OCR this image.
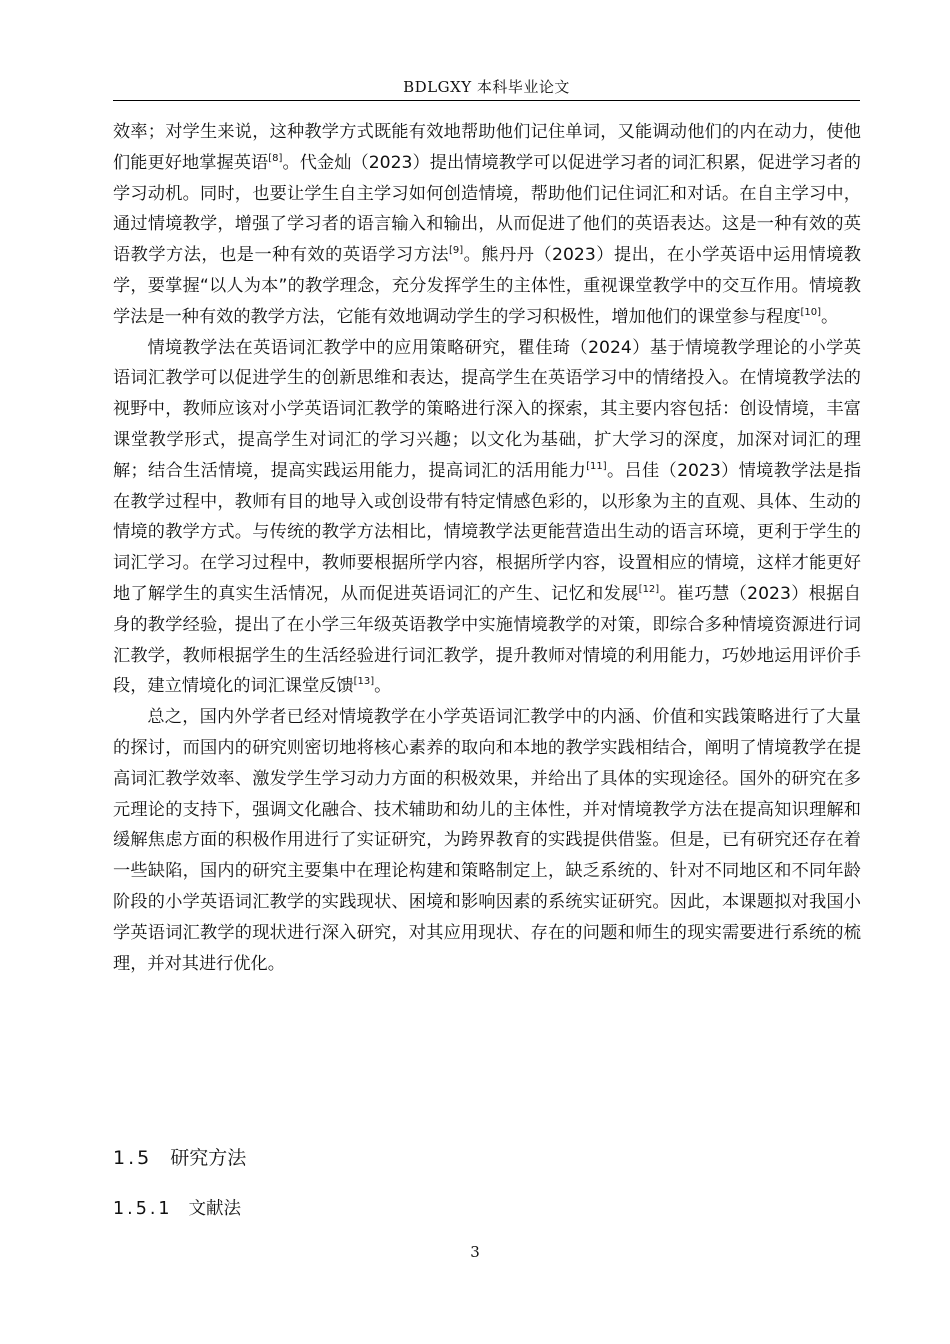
BDLGXY 本科毕业论文

效率；对学生来说，这种教学方式既能有效地帮助他们记住单词，又能调动他们的内在动力，使他们能更好地掌握英语[8]。代金灿（2023）提出情境教学可以促进学习者的词汇积累，促进学习者的学习动机。同时，也要让学生自主学习如何创造情境，帮助他们记住词汇和对话。在自主学习中，通过情境教学，增强了学习者的语言输入和输出，从而促进了他们的英语表达。这是一种有效的英语教学方法，也是一种有效的英语学习方法[9]。熊丹丹（2023）提出，在小学英语中运用情境教学，要掌握“以人为本”的教学理念，充分发挥学生的主体性，重视课堂教学中的交互作用。情境教学法是一种有效的教学方法，它能有效地调动学生的学习积极性，增加他们的课堂参与程度[10]。

情境教学法在英语词汇教学中的应用策略研究，瞿佳琦（2024）基于情境教学理论的小学英语词汇教学可以促进学生的创新思维和表达，提高学生在英语学习中的情绪投入。在情境教学法的视野中，教师应该对小学英语词汇教学的策略进行深入的探索，其主要内容包括：创设情境，丰富课堂教学形式，提高学生对词汇的学习兴趣；以文化为基础，扩大学习的深度，加深对词汇的理解；结合生活情境，提高实践运用能力，提高词汇的活用能力[11]。吕佳（2023）情境教学法是指在教学过程中，教师有目的地导入或创设带有特定情感色彩的，以形象为主的直观、具体、生动的情境的教学方式。与传统的教学方法相比，情境教学法更能营造出生动的语言环境，更利于学生的词汇学习。在学习过程中，教师要根据所学内容，根据所学内容，设置相应的情境，这样才能更好地了解学生的真实生活情况，从而促进英语词汇的产生、记忆和发展[12]。崔巧慧（2023）根据自身的教学经验，提出了在小学三年级英语教学中实施情境教学的对策，即综合多种情境资源进行词汇教学，教师根据学生的生活经验进行词汇教学，提升教师对情境的利用能力，巧妙地运用评价手段，建立情境化的词汇课堂反馈[13]。

总之，国内外学者已经对情境教学在小学英语词汇教学中的内涵、价值和实践策略进行了大量的探讨，而国内的研究则密切地将核心素养的取向和本地的教学实践相结合，阐明了情境教学在提高词汇教学效率、激发学生学习动力方面的积极效果，并给出了具体的实现途径。国外的研究在多元理论的支持下，强调文化融合、技术辅助和幼儿的主体性，并对情境教学方法在提高知识理解和缓解焦虑方面的积极作用进行了实证研究，为跨界教育的实践提供借鉴。但是，已有研究还存在着一些缺陷，国内的研究主要集中在理论构建和策略制定上，缺乏系统的、针对不同地区和不同年龄阶段的小学英语词汇教学的实践现状、困境和影响因素的系统实证研究。因此，本课题拟对我国小学英语词汇教学的现状进行深入研究，对其应用现状、存在的问题和师生的现实需要进行系统的梳理，并对其进行优化。

1.5 研究方法
1.5.1 文献法
3
